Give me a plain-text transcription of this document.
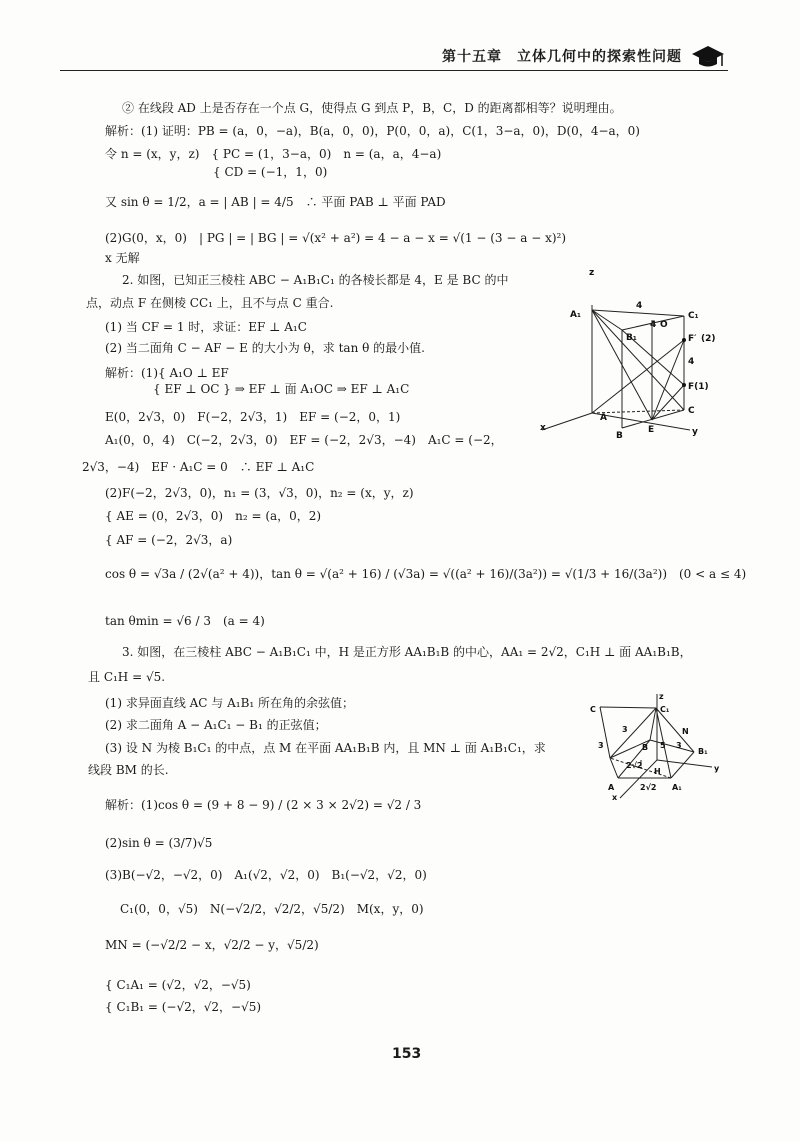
第十五章　立体几何中的探索性问题
② 在线段 AD 上是否存在一个点 G，使得点 G 到点 P，B，C，D 的距离都相等？说明理由。
解析：(1) 证明：PB = (a，0，−a)，B(a，0，0)，P(0，0，a)，C(1，3−a，0)，D(0，4−a，0)
令 n = (x，y，z)　{ PC = (1，3−a，0)　n = (a，a，4−a)
　　　　　　　　　{ CD = (−1，1，0)
又 sin θ = 1/2，a = | AB | = 4/5　∴ 平面 PAB ⊥ 平面 PAD
(2)G(0，x，0)　| PG | = | BG | = √(x² + a²) = 4 − a − x = √(1 − (3 − a − x)²)
x 无解
2. 如图，已知正三棱柱 ABC − A₁B₁C₁ 的各棱长都是 4，E 是 BC 的中
点，动点 F 在侧棱 CC₁ 上，且不与点 C 重合.
(1) 当 CF = 1 时，求证：EF ⊥ A₁C
(2) 当二面角 C − AF − E 的大小为 θ，求 tan θ 的最小值.
解析：(1){ A₁O ⊥ EF
　　　　{ EF ⊥ OC } ⇒ EF ⊥ 面 A₁OC ⇒ EF ⊥ A₁C
E(0，2√3，0)　F(−2，2√3，1)　EF = (−2，0，1)
A₁(0，0，4)　C(−2，2√3，0)　EF = (−2，2√3，−4)　A₁C = (−2，
2√3，−4)　EF · A₁C = 0　∴ EF ⊥ A₁C
(2)F(−2，2√3，0)，n₁ = (3，√3，0)，n₂ = (x，y，z)
{ AE = (0，2√3，0)　n₂ = (a，0，2)
{ AF = (−2，2√3，a)
cos θ = √3a / (2√(a² + 4))，tan θ = √(a² + 16) / (√3a) = √((a² + 16)/(3a²)) = √(1/3 + 16/(3a²))　(0 < a ≤ 4)
tan θmin = √6 / 3　(a = 4)
3. 如图，在三棱柱 ABC − A₁B₁C₁ 中，H 是正方形 AA₁B₁B 的中心，AA₁ = 2√2，C₁H ⊥ 面 AA₁B₁B，
且 C₁H = √5.
(1) 求异面直线 AC 与 A₁B₁ 所在角的余弦值；
(2) 求二面角 A − A₁C₁ − B₁ 的正弦值；
(3) 设 N 为棱 B₁C₁ 的中点，点 M 在平面 AA₁B₁B 内，且 MN ⊥ 面 A₁B₁C₁，求
线段 BM 的长.
解析：(1)cos θ = (9 + 8 − 9) / (2 × 3 × 2√2) = √2 / 3
(2)sin θ = (3/7)√5
(3)B(−√2，−√2，0)　A₁(√2，√2，0)　B₁(−√2，√2，0)
C₁(0，0，√5)　N(−√2/2，√2/2，√5/2)　M(x，y，0)
MN = (−√2/2 − x，√2/2 − y，√5/2)
{ C₁A₁ = (√2，√2，−√5)
{ C₁B₁ = (−√2，√2，−√5)
z
A₁
4
C₁
4 O
B₁	F′ (2)
4
F(1)
x
A
B
E
C
y
z
C	C₁
N
3
3
B 5 3
B₁
2√2
H	y
A	2√2 A₁
x
153
